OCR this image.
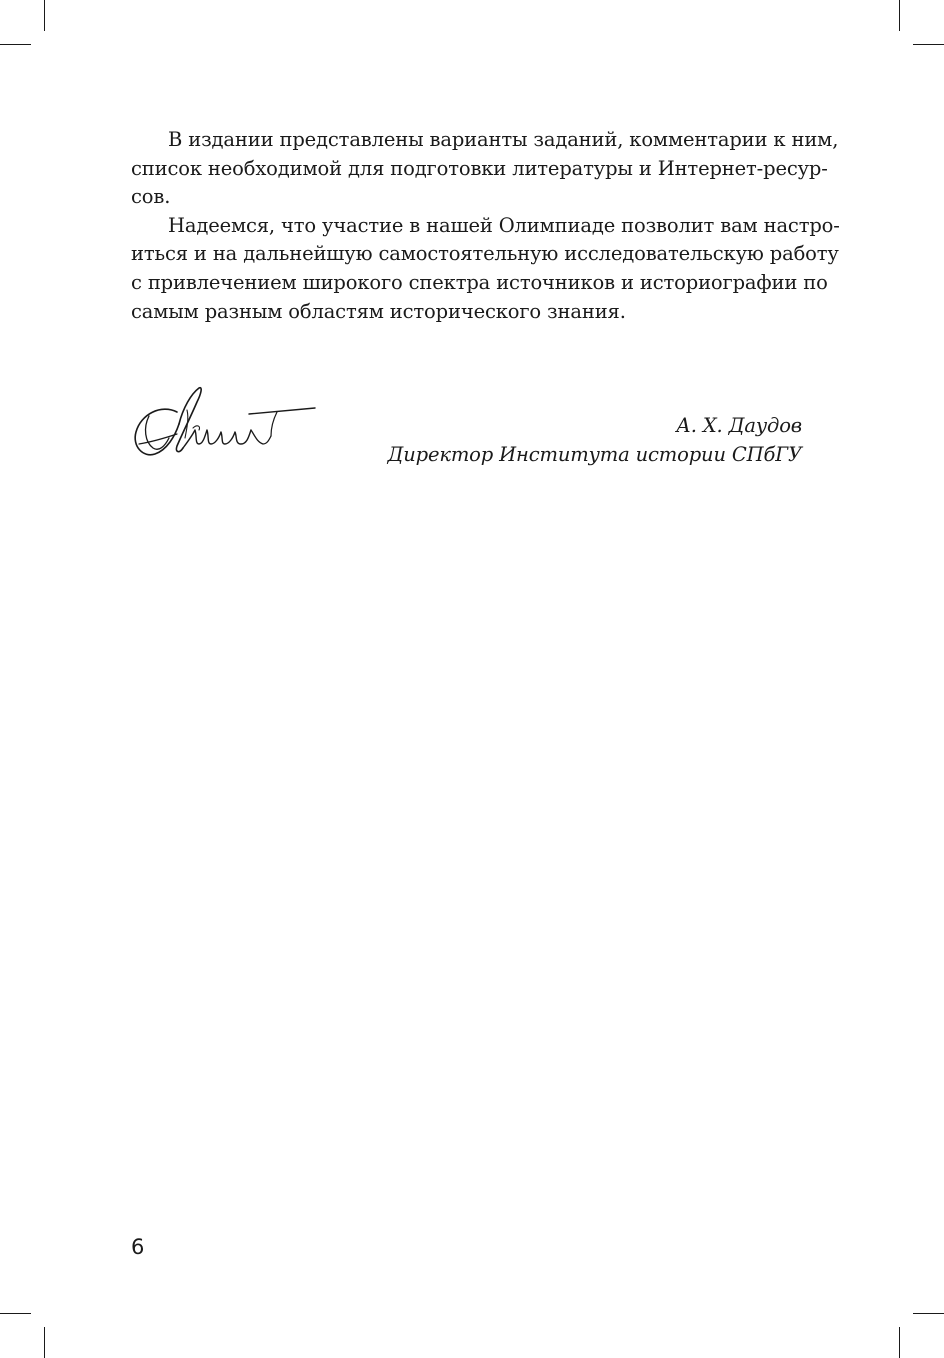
В издании представлены варианты заданий, комментарии к ним,
список необходимой для подготовки литературы и Интернет-ресур-
сов.

Надеемся, что участие в нашей Олимпиаде позволит вам настро-
иться и на дальнейшую самостоятельную исследовательскую работу
с привлечением широкого спектра источников и историографии по
самым разным областям исторического знания.

А. Х. Даудов
Директор Института истории СПбГУ
6
